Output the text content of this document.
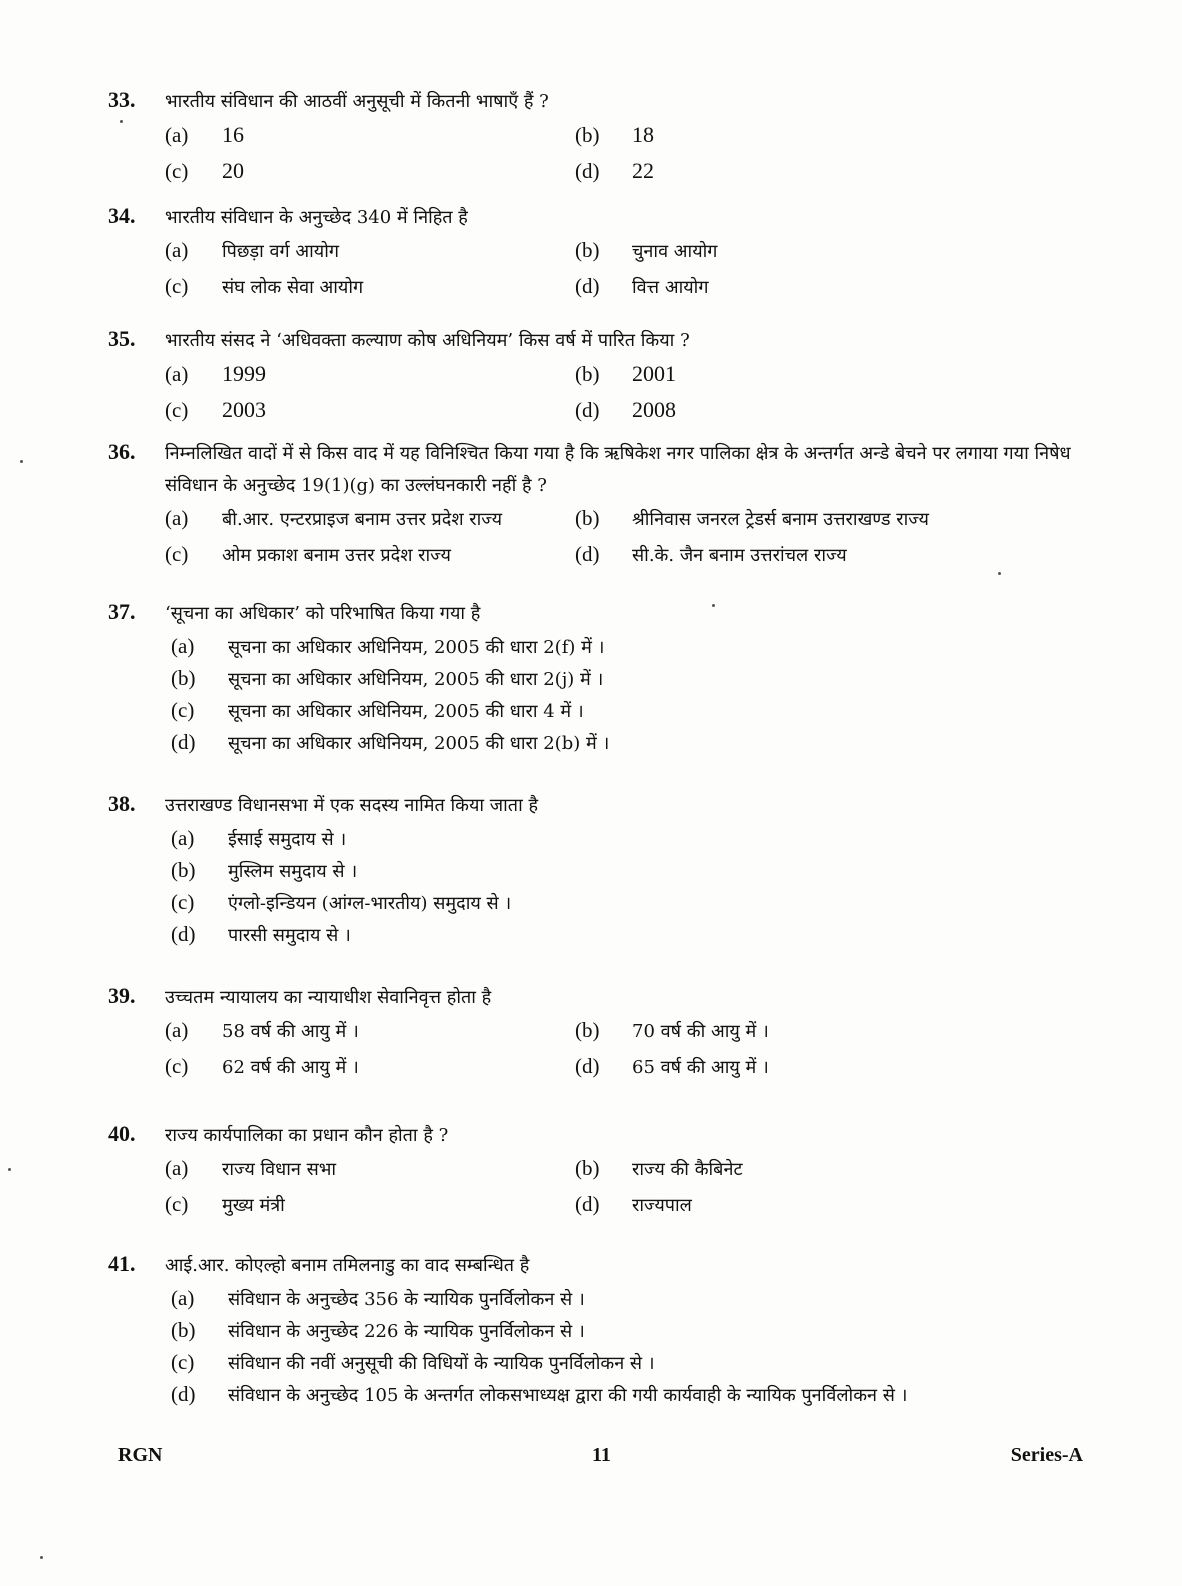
33.	भारतीय संविधान की आठवीं अनुसूची में कितनी भाषाएँ हैं ?
(a)	16	(b)	18
(c)	20	(d)	22
34.	भारतीय संविधान के अनुच्छेद 340 में निहित है
(a)	पिछड़ा वर्ग आयोग	(b)	चुनाव आयोग
(c)	संघ लोक सेवा आयोग	(d)	वित्त आयोग
35.	भारतीय संसद ने ‘अधिवक्ता कल्याण कोष अधिनियम’ किस वर्ष में पारित किया ?
(a)	1999	(b)	2001
(c)	2003	(d)	2008
36.	निम्नलिखित वादों में से किस वाद में यह विनिश्चित किया गया है कि ऋषिकेश नगर पालिका क्षेत्र के अन्तर्गत अन्डे बेचने पर लगाया गया निषेध संविधान के अनुच्छेद 19(1)(g) का उल्लंघनकारी नहीं है ?
(a)	बी.आर. एन्टरप्राइज बनाम उत्तर प्रदेश राज्य	(b)	श्रीनिवास जनरल ट्रेडर्स बनाम उत्तराखण्ड राज्य
(c)	ओम प्रकाश बनाम उत्तर प्रदेश राज्य	(d)	सी.के. जैन बनाम उत्तरांचल राज्य
37.	‘सूचना का अधिकार’ को परिभाषित किया गया है
(a)	सूचना का अधिकार अधिनियम, 2005 की धारा 2(f) में ।
(b)	सूचना का अधिकार अधिनियम, 2005 की धारा 2(j) में ।
(c)	सूचना का अधिकार अधिनियम, 2005 की धारा 4 में ।
(d)	सूचना का अधिकार अधिनियम, 2005 की धारा 2(b) में ।
38.	उत्तराखण्ड विधानसभा में एक सदस्य नामित किया जाता है
(a)	ईसाई समुदाय से ।
(b)	मुस्लिम समुदाय से ।
(c)	एंग्लो-इन्डियन (आंग्ल-भारतीय) समुदाय से ।
(d)	पारसी समुदाय से ।
39.	उच्चतम न्यायालय का न्यायाधीश सेवानिवृत्त होता है
(a)	58 वर्ष की आयु में ।	(b)	70 वर्ष की आयु में ।
(c)	62 वर्ष की आयु में ।	(d)	65 वर्ष की आयु में ।
40.	राज्य कार्यपालिका का प्रधान कौन होता है ?
(a)	राज्य विधान सभा	(b)	राज्य की कैबिनेट
(c)	मुख्य मंत्री	(d)	राज्यपाल
41.	आई.आर. कोएल्हो बनाम तमिलनाडु का वाद सम्बन्धित है
(a)	संविधान के अनुच्छेद 356 के न्यायिक पुनर्विलोकन से ।
(b)	संविधान के अनुच्छेद 226 के न्यायिक पुनर्विलोकन से ।
(c)	संविधान की नवीं अनुसूची की विधियों के न्यायिक पुनर्विलोकन से ।
(d)	संविधान के अनुच्छेद 105 के अन्तर्गत लोकसभाध्यक्ष द्वारा की गयी कार्यवाही के न्यायिक पुनर्विलोकन से ।
RGN	11	Series-A
